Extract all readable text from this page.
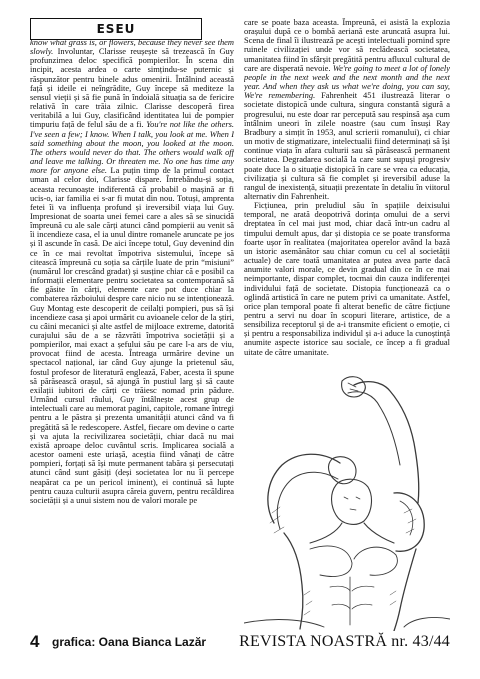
ESEU

know what grass is, or flowers, because they never see them slowly. Involuntar, Clarisse reușește să trezească în Guy profunzimea deloc specifică pompierilor. În scena din incipit, acesta ardea o carte simțindu-se puternic și răspunzător pentru binele adus omenirii. Întâlnind această față și ideile ei neîngrădite, Guy începe să mediteze la sensul vieții și să fie pună în îndoială situația sa de fericire relativă în care trăia zilnic. Clarisse descoperă firea veritabilă a lui Guy, clasificând identitatea lui de pompier timpuriu față de felul său de a fi. You're not like the others. I've seen a few; I know. When I talk, you look at me. When I said something about the moon, you looked at the moon. The others would never do that. The others would walk off and leave me talking. Or threaten me. No one has time any more for anyone else. La puțin timp de la primul contact uman al celor doi, Clarisse dispare. Întrebându-și soția, aceasta recunoaște indiferentă că probabil o mașină ar fi ucis-o, iar familia ei s-ar fi mutat din nou. Totuși, amprenta fetei îi va influența profund și ireversibil viața lui Guy. Impresionat de soarta unei femei care a ales să se sinucidă împreună cu ale sale cărți atunci când pompierii au venit să îi incendieze casa, el ia unul dintre romanele aruncate pe jos și îl ascunde în casă. De aici începe totul, Guy devenind din ce în ce mai revoltat împotriva sistemului, începe să citească împreună cu soția sa cărțile luate de prin “misiuni” (numărul lor crescând gradat) și susține chiar că e posibil ca informații elementare pentru societatea sa contemporană să fie găsite în cărți, elemente care pot duce chiar la combaterea războiului despre care nicio nu se intenționează. Guy Montag este descoperit de ceilalți pompieri, pus să își incendieze casa și apoi urmărit cu avioanele celor de la știri, cu câini mecanici și alte astfel de mijloace extreme, datorită curajului său de a se răzvrăti împotriva societății și a pompierilor, mai exact a șefului său pe care l-a ars de viu, provocat fiind de acesta. Întreaga urmărire devine un spectacol național, iar când Guy ajunge la prietenul său, fostul profesor de literatură englează, Faber, acesta îi spune să părăsească orașul, să ajungă în pustiul larg și să caute exilații iubitori de cărți ce trăiesc nomad prin pădure. Urmând cursul râului, Guy întâlnește acest grup de intelectuali care au memorat pagini, capitole, romane întregi pentru a le păstra și prezenta umanității atunci când va fi pregătită să le redescopere. Astfel, fiecare om devine o carte și va ajuta la recivilizarea societății, chiar dacă nu mai există aproape deloc cuvântul scris. Implicarea socială a acestor oameni este uriașă, aceștia fiind vânați de către pompieri, forțați să își mute permanent tabăra și persecutați atunci când sunt găsiți (deși societatea lor nu îi percepe neapărat ca pe un pericol iminent), ei continuă să lupte pentru cauza culturii asupra căreia guvern, pentru recăldirea societății și a unui sistem nou de valori morale pe

care se poate baza aceasta. Împreună, ei asistă la explozia orașului după ce o bombă aeriană este aruncată asupra lui. Scena de final îi ilustrează pe acești intelectuali pornind spre ruinele civilizației unde vor să reclădească societatea, umanitatea fiind în sfârșit pregătită pentru afluxul cultural de care are disperată nevoie. We're going to meet a lot of lonely people in the next week and the next month and the next year. And when they ask us what we're doing, you can say, We're remembering. Fahrenheit 451 ilustrează literar o societate distopică unde cultura, singura constantă sigură a progresului, nu este doar rar percepută sau respinsă aşa cum întâlnim uneori în zilele noastre (sau cum însuși Ray Bradbury a simțit în 1953, anul scrierii romanului), ci chiar un motiv de stigmatizare, intelectualii fiind determinați să își continue viața în afara culturii sau să părăsească permanent societatea. Degradarea socială la care sunt supuși progresiv poate duce la o situație distopică în care se vrea ca educația, civilizația și cultura să fie complet și ireversibil aduse la rangul de inexistență, situații prezentate în detaliu în viitorul alternativ din Fahrenheit.

Ficțiunea, prin preludiul său în spațiile deixisului temporal, ne arată deopotrivă dorința omului de a servi dreptatea în cel mai just mod, chiar dacă într-un cadru al timpului demult apus, dar și distopia ce se poate transforma foarte ușor în realitatea (majoritatea operelor având la bază un istoric asemănător sau chiar comun cu cel al societății actuale) de care toată umanitatea ar putea avea parte dacă anumite valori morale, ce devin gradual din ce în ce mai neimportante, dispar complet, tocmai din cauza indiferenței individului față de societate. Distopia funcționează ca o oglindă artistică în care ne putem privi ca umanitate. Astfel, orice plan temporal poate fi alterat benefic de către ficțiune pentru a servi nu doar în scopuri literare, artistice, de a sensibiliza receptorul și de a-i transmite eficient o emoție, ci și pentru a responsabiliza individul și a-i aduce la cunoștință anumite aspecte istorice sau sociale, ce încep a fi gradual uitate de către umanitate.

4 grafica: Oana Bianca Lazăr REVISTA NOASTRĂ nr. 43/44
